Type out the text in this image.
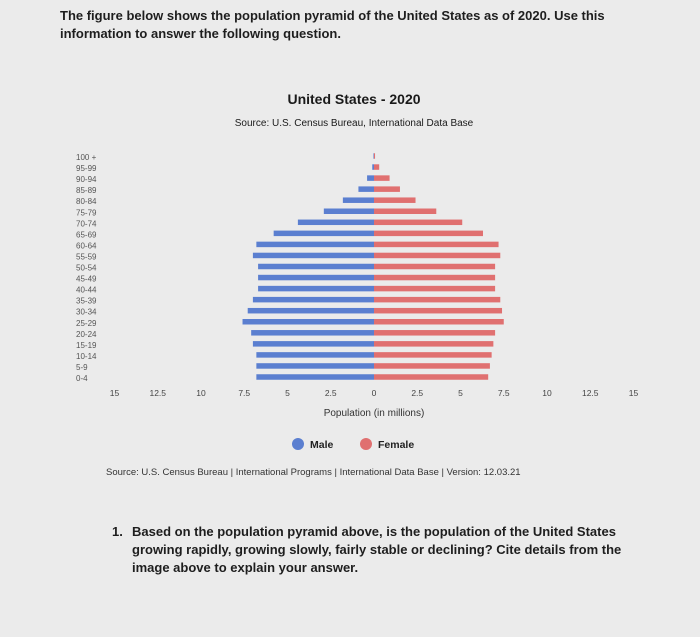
The figure below shows the population pyramid of the United States as of 2020. Use this information to answer the following question.
United States - 2020
Source: U.S. Census Bureau, International Data Base
100 +
95-99
90-94
85-89
80-84
75-79
70-74
65-69
60-64
55-59
50-54
45-49
40-44
35-39
30-34
25-29
20-24
15-19
10-14
5-9
0-4
15	12.5	10	7.5	5	2.5	0	2.5	5	7.5	10	12.5	15
Population (in millions)
Male	Female
Source: U.S. Census Bureau | International Programs | International Data Base | Version: 12.03.21
1. Based on the population pyramid above, is the population of the United States growing rapidly, growing slowly, fairly stable or declining? Cite details from the image above to explain your answer.
